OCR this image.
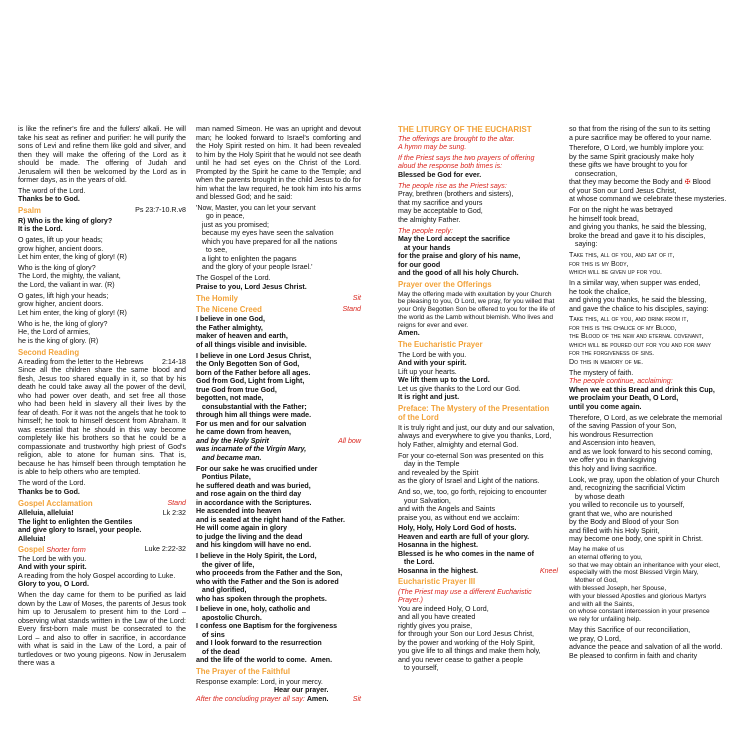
is like the refiner's fire and the fullers' alkali. He will take his seat as refiner and purifier: he will purify the sons of Levi and refine them like gold and silver, and then they will make the offering of the Lord as it should be made. The offering of Judah and Jerusalem will then be welcomed by the Lord as in former days, as in the years of old.

The word of the Lord.

Thanks be to God.

Psalm	Ps 23:7-10.R.v8

R) Who is the king of glory?
It is the Lord.

O gates, lift up your heads;
grow higher, ancient doors.
Let him enter, the king of glory! (R)

Who is the king of glory?
The Lord, the mighty, the valiant,
the Lord, the valiant in war. (R)

O gates, lift high your heads;
grow higher, ancient doors.
Let him enter, the king of glory! (R)

Who is he, the king of glory?
He, the Lord of armies,
he is the king of glory. (R)

Second Reading
A reading from the letter to the Hebrews	2:14-18

Since all the children share the same blood and flesh, Jesus too shared equally in it, so that by his death he could take away all the power of the devil, who had power over death, and set free all those who had been held in slavery all their lives by the fear of death. For it was not the angels that he took to himself; he took to himself descent from Abraham. It was essential that he should in this way become completely like his brothers so that he could be a compassionate and trustworthy high priest of God's religion, able to atone for human sins. That is, because he has himself been through temptation he is able to help others who are tempted.

The word of the Lord.

Thanks be to God.

Gospel Acclamation	Stand
Alleluia, alleluia!	Lk 2:32

The light to enlighten the Gentiles
and give glory to Israel, your people.
Alleluia!

Gospel Shorter form	Luke 2:22-32

The Lord be with you.

And with your spirit.

A reading from the holy Gospel according to Luke.

Glory to you, O Lord.

When the day came for them to be purified as laid down by the Law of Moses, the parents of Jesus took him up to Jerusalem to present him to the Lord – observing what stands written in the Law of the Lord: Every first-born male must be consecrated to the Lord – and also to offer in sacrifice, in accordance with what is said in the Law of the Lord, a pair of turtledoves or two young pigeons. Now in Jerusalem there was a

man named Simeon. He was an upright and devout man; he looked forward to Israel's comforting and the Holy Spirit rested on him. It had been revealed to him by the Holy Spirit that he would not see death until he had set eyes on the Christ of the Lord. Prompted by the Spirit he came to the Temple; and when the parents brought in the child Jesus to do for him what the law required, he took him into his arms and blessed God; and he said:

'Now, Master, you can let your servant
go in peace,
just as you promised;
because my eyes have seen the salvation
which you have prepared for all the nations
to see,
a light to enlighten the pagans
and the glory of your people Israel.'

The Gospel of the Lord.

Praise to you, Lord Jesus Christ.

The Homily	Sit
The Nicene Creed	Stand

I believe in one God,
the Father almighty,
maker of heaven and earth,
of all things visible and invisible.

I believe in one Lord Jesus Christ,
the Only Begotten Son of God,
born of the Father before all ages.
God from God, Light from Light,
true God from true God,
begotten, not made,
consubstantial with the Father;
through him all things were made.
For us men and for our salvation
he came down from heaven,

and by the Holy Spirit	All bow

was incarnate of the Virgin Mary,
and became man.

For our sake he was crucified under
Pontius Pilate,
he suffered death and was buried,
and rose again on the third day
in accordance with the Scriptures.
He ascended into heaven
and is seated at the right hand of the Father.
He will come again in glory
to judge the living and the dead
and his kingdom will have no end.

I believe in the Holy Spirit, the Lord,
the giver of life,
who proceeds from the Father and the Son,
who with the Father and the Son is adored
and glorified,
who has spoken through the prophets.

I believe in one, holy, catholic and
apostolic Church.
I confess one Baptism for the forgiveness
of sins
and I look forward to the resurrection
of the dead
and the life of the world to come.  Amen.

The Prayer of the Faithful

Response example: Lord, in your mercy.

Hear our prayer.

After the concluding prayer all say: Amen.	Sit
THE LITURGY OF THE EUCHARIST

The offerings are brought to the altar.
A hymn may be sung.

If the Priest says the two prayers of offering
aloud the response both times is:

Blessed be God for ever.

The people rise as the Priest says:

Pray, brethren (brothers and sisters),
that my sacrifice and yours
may be acceptable to God,
the almighty Father.

The people reply:

May the Lord accept the sacrifice
at your hands
for the praise and glory of his name,
for our good
and the good of all his holy Church.

Prayer over the Offerings

May the offering made with exultation by your Church be pleasing to you, O Lord, we pray, for you willed that your Only Begotten Son be offered to you for the life of the world as the Lamb without blemish. Who lives and reigns for ever and ever.

Amen.

The Eucharistic Prayer

The Lord be with you.

And with your spirit.

Lift up your hearts.

We lift them up to the Lord.

Let us give thanks to the Lord our God.

It is right and just.

Preface: The Mystery of the Presentation of the Lord

It is truly right and just, our duty and our salvation, always and everywhere to give you thanks, Lord, holy Father, almighty and eternal God.

For your co-eternal Son was presented on this
day in the Temple
and revealed by the Spirit
as the glory of Israel and Light of the nations.

And so, we, too, go forth, rejoicing to encounter
your Salvation,
and with the Angels and Saints
praise you, as without end we acclaim:

Holy, Holy, Holy Lord God of hosts.
Heaven and earth are full of your glory.
Hosanna in the highest.
Blessed is he who comes in the name of
the Lord.

Hosanna in the highest.	Kneel
Eucharistic Prayer III

(The Priest may use a different Eucharistic Prayer.)

You are indeed Holy, O Lord,
and all you have created
rightly gives you praise,
for through your Son our Lord Jesus Christ,
by the power and working of the Holy Spirit,
you give life to all things and make them holy,
and you never cease to gather a people
to yourself,

so that from the rising of the sun to its setting
a pure sacrifice may be offered to your name.

Therefore, O Lord, we humbly implore you:
by the same Spirit graciously make holy
these gifts we have brought to you for
consecration,

that they may become the Body and ✠ Blood

of your Son our Lord Jesus Christ,
at whose command we celebrate these mysteries.

For on the night he was betrayed
he himself took bread,
and giving you thanks, he said the blessing,
broke the bread and gave it to his disciples,
saying:

Take this, all of you, and eat of it,
for this is my Body,
which will be given up for you.

In a similar way, when supper was ended,
he took the chalice,
and giving you thanks, he said the blessing,
and gave the chalice to his disciples, saying:

Take this, all of you, and drink from it,
for this is the chalice of my Blood,
the Blood of the new and eternal covenant,
which will be poured out for you and for many
for the forgiveness of sins.
Do this in memory of me.

The mystery of faith.

The people continue, acclaiming:

When we eat this Bread and drink this Cup,
we proclaim your Death, O Lord,
until you come again.

Therefore, O Lord, as we celebrate the memorial
of the saving Passion of your Son,
his wondrous Resurrection
and Ascension into heaven,
and as we look forward to his second coming,
we offer you in thanksgiving
this holy and living sacrifice.

Look, we pray, upon the oblation of your Church
and, recognizing the sacrificial Victim
by whose death
you willed to reconcile us to yourself,
grant that we, who are nourished
by the Body and Blood of your Son
and filled with his Holy Spirit,
may become one body, one spirit in Christ.

May he make of us
an eternal offering to you,
so that we may obtain an inheritance with your elect,
especially with the most Blessed Virgin Mary,
Mother of God,
with blessed Joseph, her Spouse,
with your blessed Apostles and glorious Martyrs
and with all the Saints,
on whose constant intercession in your presence
we rely for unfailing help.

May this Sacrifice of our reconciliation,
we pray, O Lord,
advance the peace and salvation of all the world.
Be pleased to confirm in faith and charity
